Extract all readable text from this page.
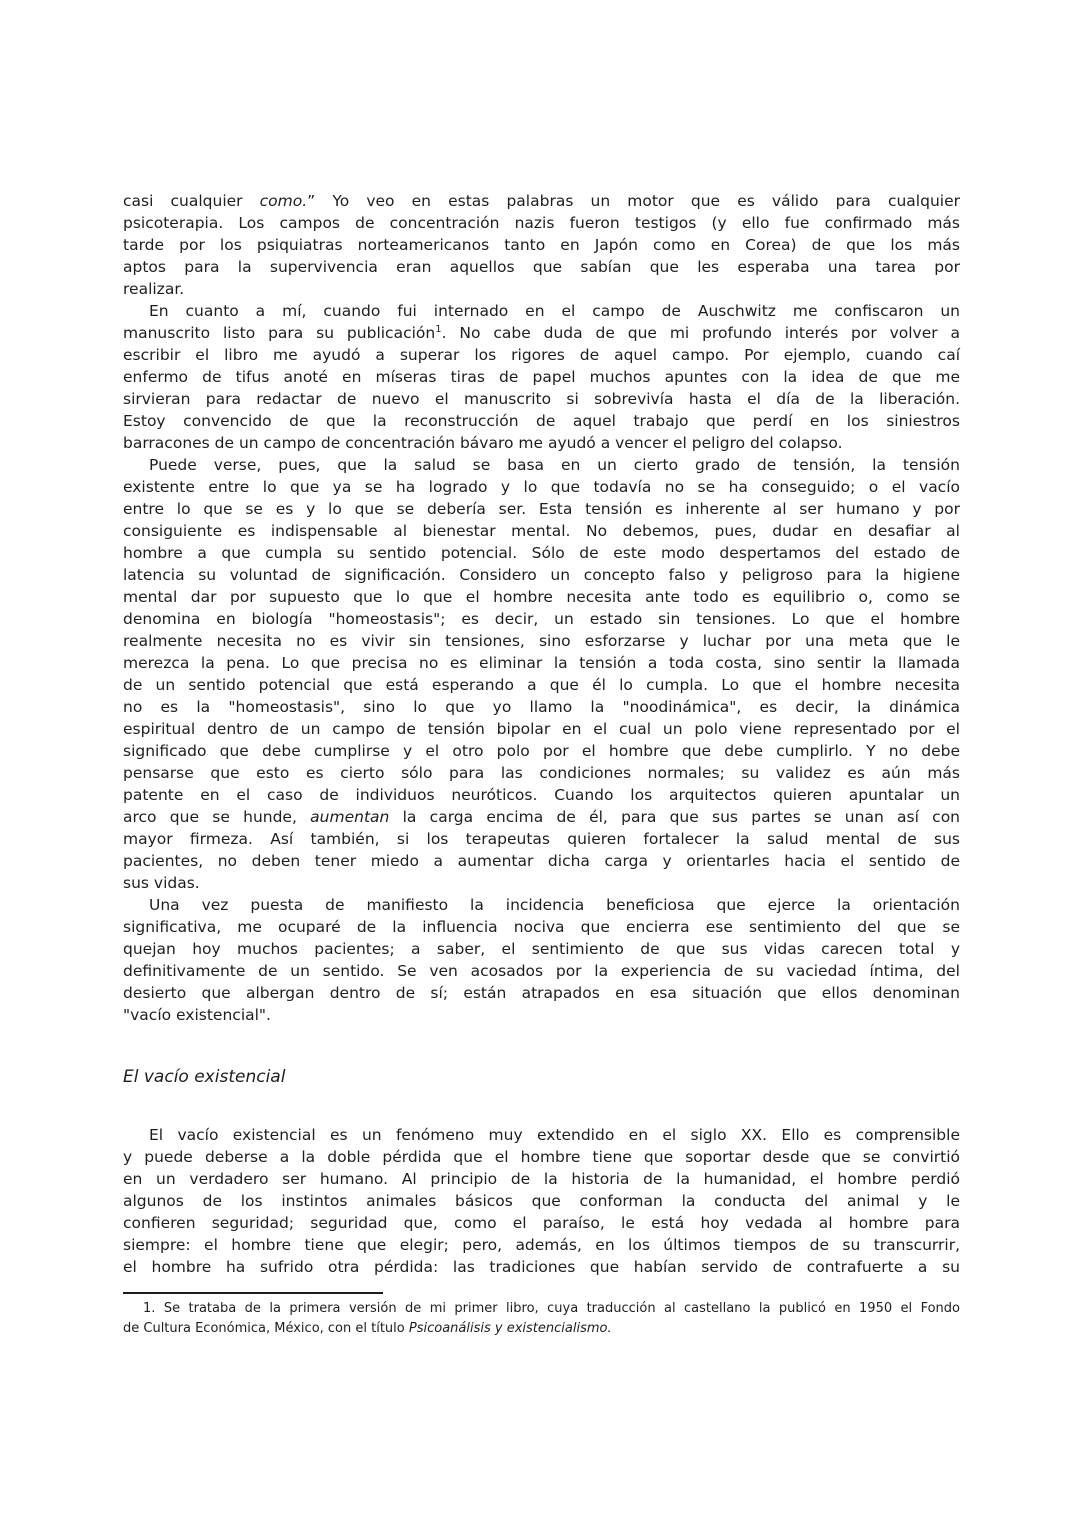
casi cualquier como.” Yo veo en estas palabras un motor que es válido para cualquier
psicoterapia. Los campos de concentración nazis fueron testigos (y ello fue confirmado más
tarde por los psiquiatras norteamericanos tanto en Japón como en Corea) de que los más
aptos para la supervivencia eran aquellos que sabían que les esperaba una tarea por
realizar.
En cuanto a mí, cuando fui internado en el campo de Auschwitz me confiscaron un
manuscrito listo para su publicación$^1$. No cabe duda de que mi profundo interés por volver a
escribir el libro me ayudó a superar los rigores de aquel campo. Por ejemplo, cuando caí
enfermo de tifus anoté en míseras tiras de papel muchos apuntes con la idea de que me
sirvieran para redactar de nuevo el manuscrito si sobrevivía hasta el día de la liberación.
Estoy convencido de que la reconstrucción de aquel trabajo que perdí en los siniestros
barracones de un campo de concentración bávaro me ayudó a vencer el peligro del colapso.
Puede verse, pues, que la salud se basa en un cierto grado de tensión, la tensión
existente entre lo que ya se ha logrado y lo que todavía no se ha conseguido; o el vacío
entre lo que se es y lo que se debería ser. Esta tensión es inherente al ser humano y por
consiguiente es indispensable al bienestar mental. No debemos, pues, dudar en desafiar al
hombre a que cumpla su sentido potencial. Sólo de este modo despertamos del estado de
latencia su voluntad de significación. Considero un concepto falso y peligroso para la higiene
mental dar por supuesto que lo que el hombre necesita ante todo es equilibrio o, como se
denomina en biología "homeostasis"; es decir, un estado sin tensiones. Lo que el hombre
realmente necesita no es vivir sin tensiones, sino esforzarse y luchar por una meta que le
merezca la pena. Lo que precisa no es eliminar la tensión a toda costa, sino sentir la llamada
de un sentido potencial que está esperando a que él lo cumpla. Lo que el hombre necesita
no es la "homeostasis", sino lo que yo llamo la "noodinámica", es decir, la dinámica
espiritual dentro de un campo de tensión bipolar en el cual un polo viene representado por el
significado que debe cumplirse y el otro polo por el hombre que debe cumplirlo. Y no debe
pensarse que esto es cierto sólo para las condiciones normales; su validez es aún más
patente en el caso de individuos neuróticos. Cuando los arquitectos quieren apuntalar un
arco que se hunde, aumentan la carga encima de él, para que sus partes se unan así con
mayor firmeza. Así también, si los terapeutas quieren fortalecer la salud mental de sus
pacientes, no deben tener miedo a aumentar dicha carga y orientarles hacia el sentido de
sus vidas.
Una vez puesta de manifiesto la incidencia beneficiosa que ejerce la orientación
significativa, me ocuparé de la influencia nociva que encierra ese sentimiento del que se
quejan hoy muchos pacientes; a saber, el sentimiento de que sus vidas carecen total y
definitivamente de un sentido. Se ven acosados por la experiencia de su vaciedad íntima, del
desierto que albergan dentro de sí; están atrapados en esa situación que ellos denominan
"vacío existencial".
El vacío existencial
El vacío existencial es un fenómeno muy extendido en el siglo XX. Ello es comprensible
y puede deberse a la doble pérdida que el hombre tiene que soportar desde que se convirtió
en un verdadero ser humano. Al principio de la historia de la humanidad, el hombre perdió
algunos de los instintos animales básicos que conforman la conducta del animal y le
confieren seguridad; seguridad que, como el paraíso, le está hoy vedada al hombre para
siempre: el hombre tiene que elegir; pero, además, en los últimos tiempos de su transcurrir,
el hombre ha sufrido otra pérdida: las tradiciones que habían servido de contrafuerte a su
1. Se trataba de la primera versión de mi primer libro, cuya traducción al castellano la publicó en 1950 el Fondo
de Cultura Económica, México, con el título Psicoanálisis y existencialismo.
